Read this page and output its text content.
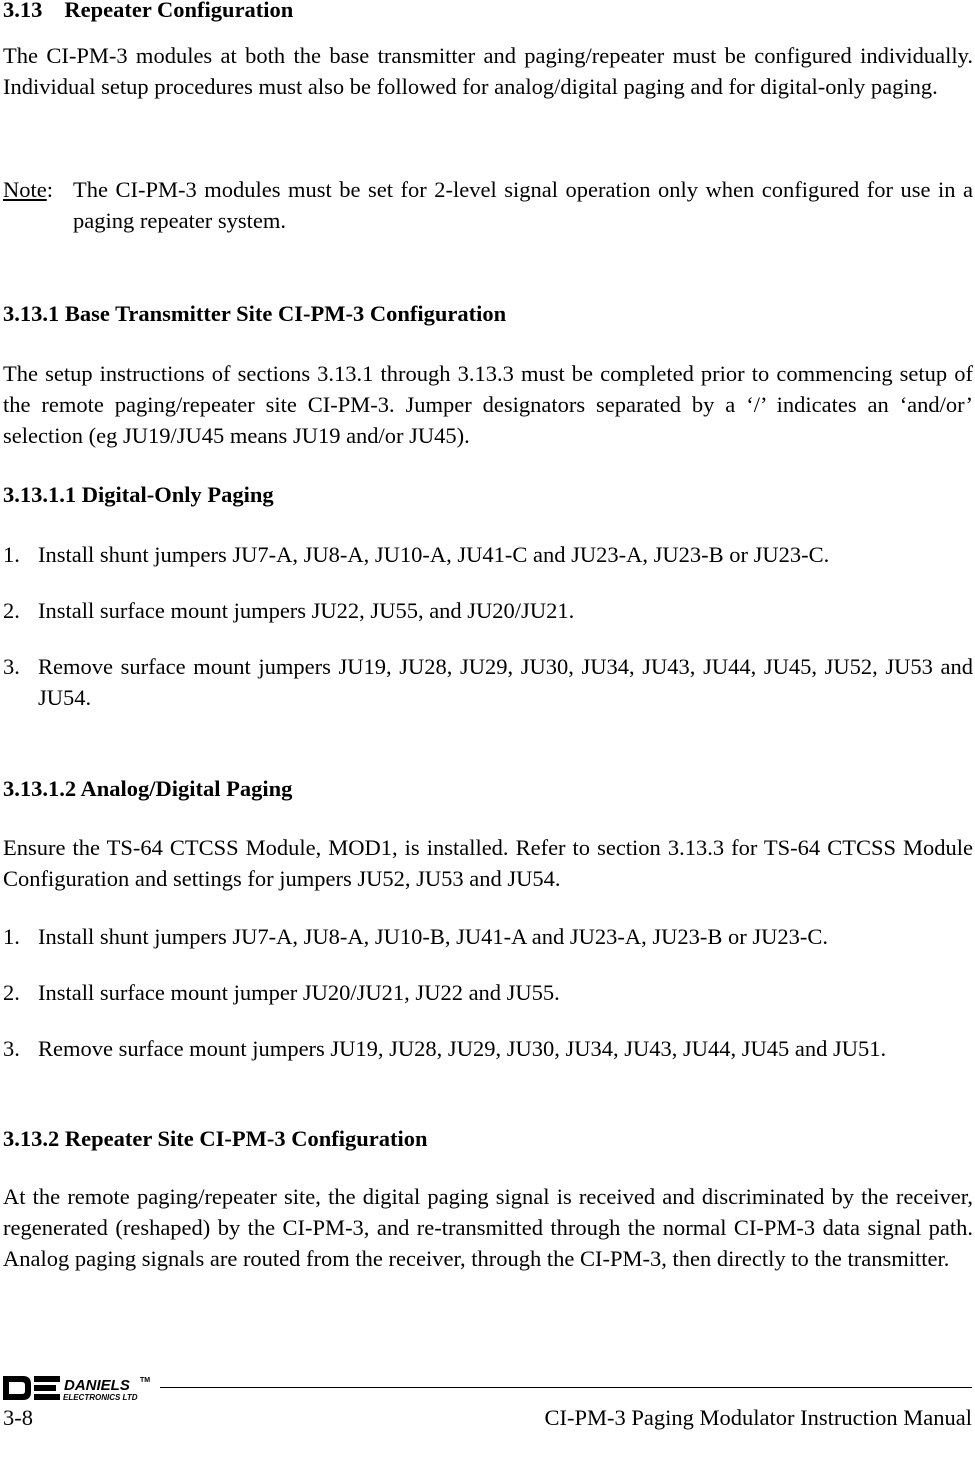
3.13 Repeater Configuration
The CI-PM-3 modules at both the base transmitter and paging/repeater must be configured individually. Individual setup procedures must also be followed for analog/digital paging and for digital-only paging.
Note: The CI-PM-3 modules must be set for 2-level signal operation only when configured for use in a paging repeater system.
3.13.1 Base Transmitter Site CI-PM-3 Configuration
The setup instructions of sections 3.13.1 through 3.13.3 must be completed prior to commencing setup of the remote paging/repeater site CI-PM-3. Jumper designators separated by a ‘/’ indicates an ‘and/or’ selection (eg JU19/JU45 means JU19 and/or JU45).
3.13.1.1 Digital-Only Paging
1. Install shunt jumpers JU7-A, JU8-A, JU10-A, JU41-C and JU23-A, JU23-B or JU23-C.
2. Install surface mount jumpers JU22, JU55, and JU20/JU21.
3. Remove surface mount jumpers JU19, JU28, JU29, JU30, JU34, JU43, JU44, JU45, JU52, JU53 and JU54.
3.13.1.2 Analog/Digital Paging
Ensure the TS-64 CTCSS Module, MOD1, is installed. Refer to section 3.13.3 for TS-64 CTCSS Module Configuration and settings for jumpers JU52, JU53 and JU54.
1. Install shunt jumpers JU7-A, JU8-A, JU10-B, JU41-A and JU23-A, JU23-B or JU23-C.
2. Install surface mount jumper JU20/JU21, JU22 and JU55.
3. Remove surface mount jumpers JU19, JU28, JU29, JU30, JU34, JU43, JU44, JU45 and JU51.
3.13.2 Repeater Site CI-PM-3 Configuration
At the remote paging/repeater site, the digital paging signal is received and discriminated by the receiver, regenerated (reshaped) by the CI-PM-3, and re-transmitted through the normal CI-PM-3 data signal path. Analog paging signals are routed from the receiver, through the CI-PM-3, then directly to the transmitter.
DANIELS TM
ELECTRONICS LTD
3-8	CI-PM-3 Paging Modulator Instruction Manual
